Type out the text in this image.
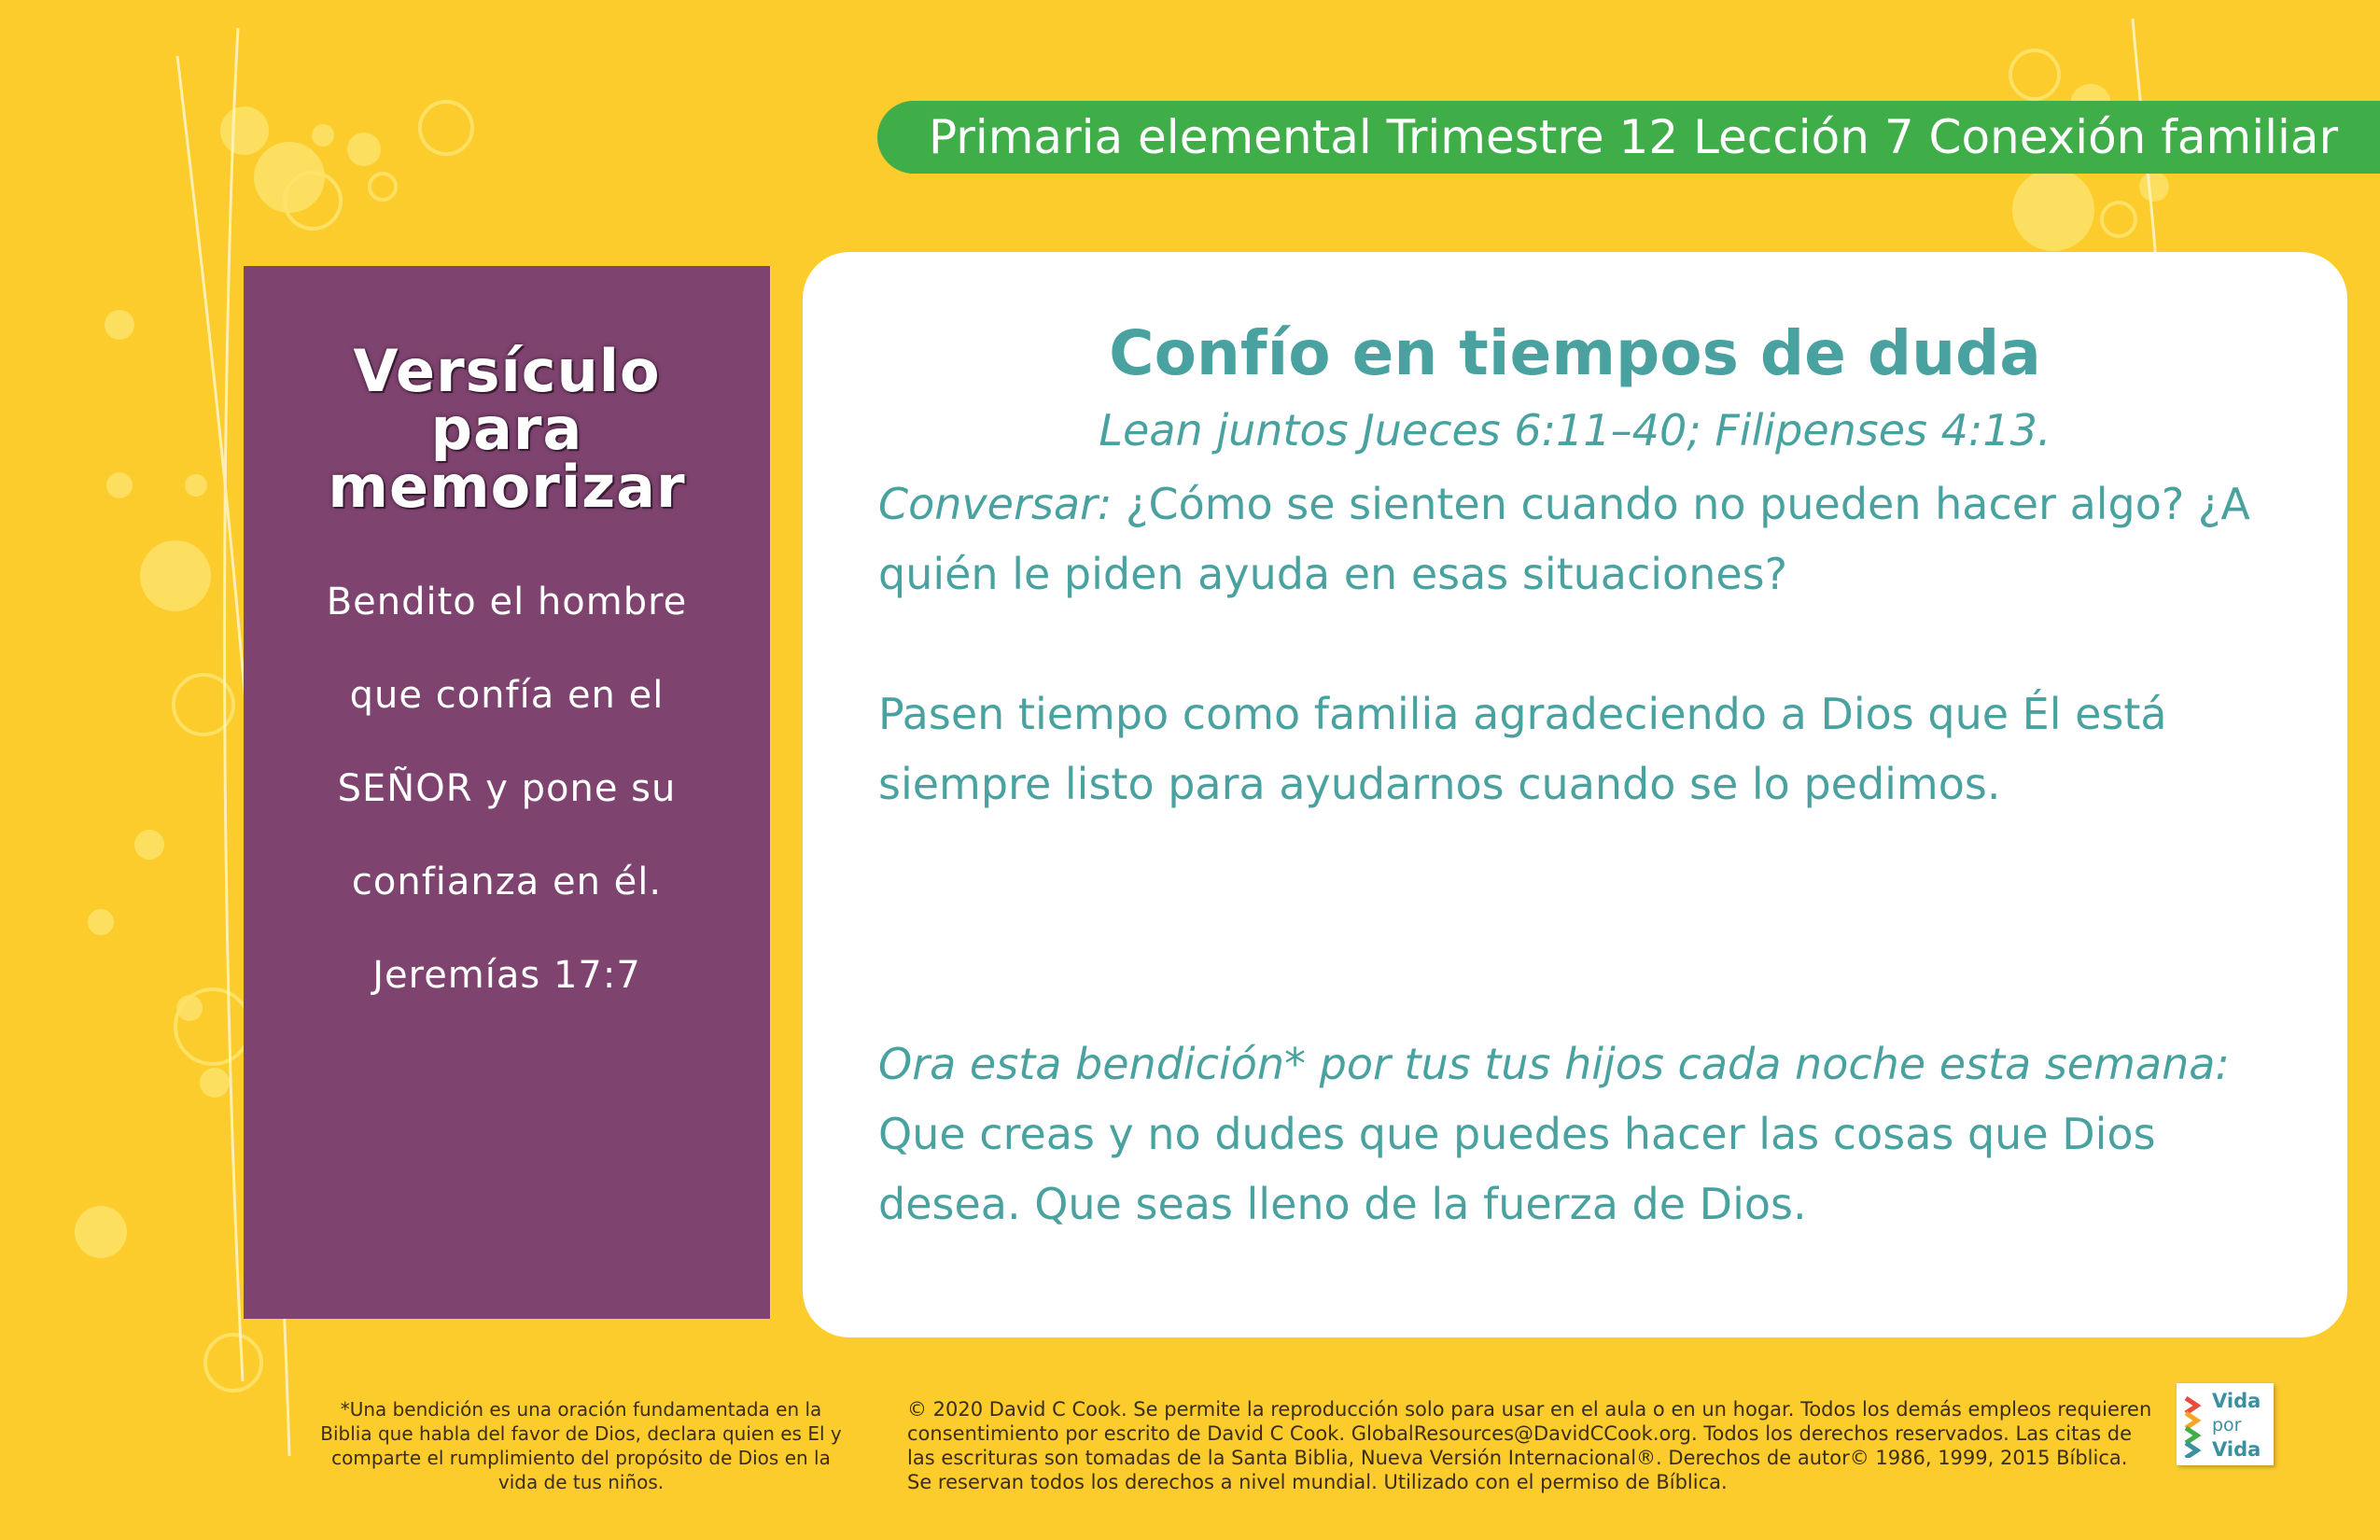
Primaria elemental Trimestre 12 Lección 7 Conexión familiar
Versículo
para
memorizar
Bendito el hombre
que confía en el
SEÑOR y pone su
confianza en él.
Jeremías 17:7
Confío en tiempos de duda
Lean juntos Jueces 6:11–40; Filipenses 4:13.
Conversar: ¿Cómo se sienten cuando no pueden hacer algo? ¿A quién le piden ayuda en esas situaciones?
Pasen tiempo como familia agradeciendo a Dios que Él está siempre listo para ayudarnos cuando se lo pedimos.
Ora esta bendición* por tus tus hijos cada noche esta semana:
Que creas y no dudes que puedes hacer las cosas que Dios desea. Que seas lleno de la fuerza de Dios.
*Una bendición es una oración fundamentada en la Biblia que habla del favor de Dios, declara quien es El y comparte el rumplimiento del propósito de Dios en la vida de tus niños.
© 2020 David C Cook. Se permite la reproducción solo para usar en el aula o en un hogar. Todos los demás empleos requieren consentimiento por escrito de David C Cook. GlobalResources@DavidCCook.org. Todos los derechos reservados. Las citas de las escrituras son tomadas de la Santa Biblia, Nueva Versión Internacional®. Derechos de autor© 1986, 1999, 2015 Bíblica. Se reservan todos los derechos a nivel mundial. Utilizado con el permiso de Bíblica.
Vida
por
Vida
